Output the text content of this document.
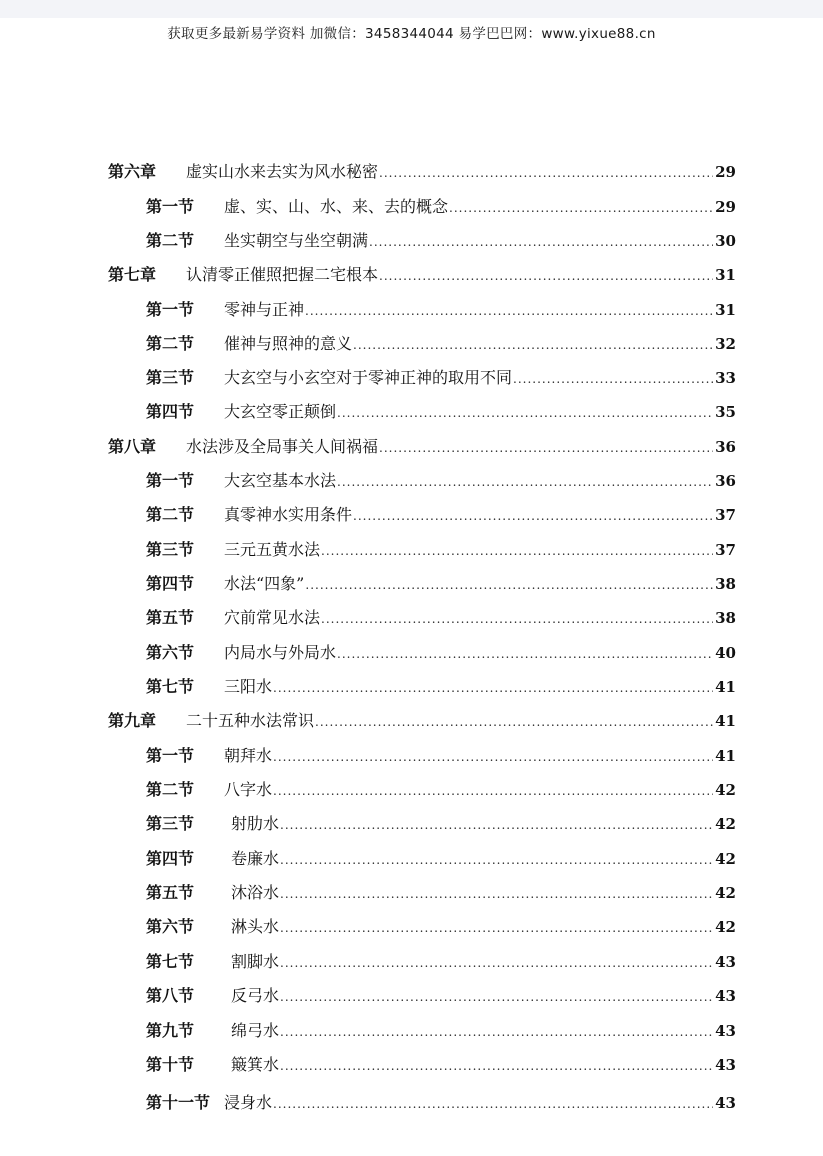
获取更多最新易学资料 加微信：3458344044 易学巴巴网：www.yixue88.cn
第六章	虚实山水来去实为风水秘密 .....	29
第一节	虚、实、山、水、来、去的概念 .....	29
第二节	坐实朝空与坐空朝满 .....	30
第七章	认清零正催照把握二宅根本 .....	31
第一节	零神与正神 .....	31
第二节	催神与照神的意义 .....	32
第三节	大玄空与小玄空对于零神正神的取用不同 .....	33
第四节	大玄空零正颠倒 .....	35
第八章	水法涉及全局事关人间祸福 .....	36
第一节	大玄空基本水法 .....	36
第二节	真零神水实用条件 .....	37
第三节	三元五黄水法 .....	37
第四节	水法“四象” .....	38
第五节	穴前常见水法 .....	38
第六节	内局水与外局水 .....	40
第七节	三阳水 .....	41
第九章	二十五种水法常识 .....	41
第一节	朝拜水 .....	41
第二节	八字水 .....	42
第三节	射肋水 .....	42
第四节	卷廉水 .....	42
第五节	沐浴水 .....	42
第六节	淋头水 .....	42
第七节	割脚水 .....	43
第八节	反弓水 .....	43
第九节	绵弓水 .....	43
第十节	簸箕水 .....	43
第十一节 浸身水 .....	43
